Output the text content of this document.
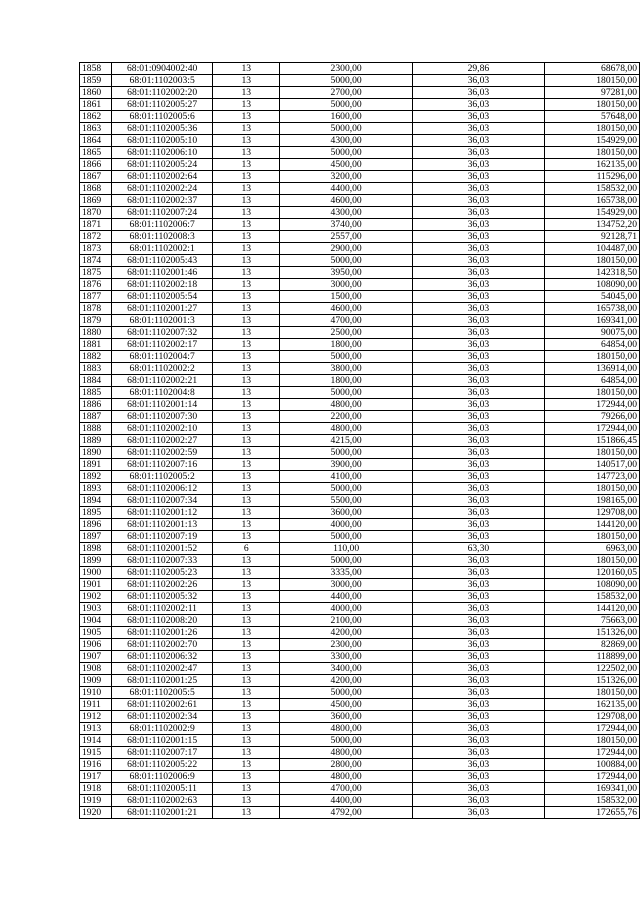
1858	68:01:0904002:40	13	2300,00	29,86	68678,00
1859	68:01:1102003:5	13	5000,00	36,03	180150,00
1860	68:01:1102002:20	13	2700,00	36,03	97281,00
1861	68:01:1102005:27	13	5000,00	36,03	180150,00
1862	68:01:1102005:6	13	1600,00	36,03	57648,00
1863	68:01:1102005:36	13	5000,00	36,03	180150,00
1864	68:01:1102005:10	13	4300,00	36,03	154929,00
1865	68:01:1102006:10	13	5000,00	36,03	180150,00
1866	68:01:1102005:24	13	4500,00	36,03	162135,00
1867	68:01:1102002:64	13	3200,00	36,03	115296,00
1868	68:01:1102002:24	13	4400,00	36,03	158532,00
1869	68:01:1102002:37	13	4600,00	36,03	165738,00
1870	68:01:1102007:24	13	4300,00	36,03	154929,00
1871	68:01:1102006:7	13	3740,00	36,03	134752,20
1872	68:01:1102008:3	13	2557,00	36,03	92128,71
1873	68:01:1102002:1	13	2900,00	36,03	104487,00
1874	68:01:1102005:43	13	5000,00	36,03	180150,00
1875	68:01:1102001:46	13	3950,00	36,03	142318,50
1876	68:01:1102002:18	13	3000,00	36,03	108090,00
1877	68:01:1102005:54	13	1500,00	36,03	54045,00
1878	68:01:1102001:27	13	4600,00	36,03	165738,00
1879	68:01:1102001:3	13	4700,00	36,03	169341,00
1880	68:01:1102007:32	13	2500,00	36,03	90075,00
1881	68:01:1102002:17	13	1800,00	36,03	64854,00
1882	68:01:1102004:7	13	5000,00	36,03	180150,00
1883	68:01:1102002:2	13	3800,00	36,03	136914,00
1884	68:01:1102002:21	13	1800,00	36,03	64854,00
1885	68:01:1102004:8	13	5000,00	36,03	180150,00
1886	68:01:1102001:14	13	4800,00	36,03	172944,00
1887	68:01:1102007:30	13	2200,00	36,03	79266,00
1888	68:01:1102002:10	13	4800,00	36,03	172944,00
1889	68:01:1102002:27	13	4215,00	36,03	151866,45
1890	68:01:1102002:59	13	5000,00	36,03	180150,00
1891	68:01:1102007:16	13	3900,00	36,03	140517,00
1892	68:01:1102005:2	13	4100,00	36,03	147723,00
1893	68:01:1102006:12	13	5000,00	36,03	180150,00
1894	68:01:1102007:34	13	5500,00	36,03	198165,00
1895	68:01:1102001:12	13	3600,00	36,03	129708,00
1896	68:01:1102001:13	13	4000,00	36,03	144120,00
1897	68:01:1102007:19	13	5000,00	36,03	180150,00
1898	68:01:1102001:52	6	110,00	63,30	6963,00
1899	68:01:1102007:33	13	5000,00	36,03	180150,00
1900	68:01:1102005:23	13	3335,00	36,03	120160,05
1901	68:01:1102002:26	13	3000,00	36,03	108090,00
1902	68:01:1102005:32	13	4400,00	36,03	158532,00
1903	68:01:1102002:11	13	4000,00	36,03	144120,00
1904	68:01:1102008:20	13	2100,00	36,03	75663,00
1905	68:01:1102001:26	13	4200,00	36,03	151326,00
1906	68:01:1102002:70	13	2300,00	36,03	82869,00
1907	68:01:1102006:32	13	3300,00	36,03	118899,00
1908	68:01:1102002:47	13	3400,00	36,03	122502,00
1909	68:01:1102001:25	13	4200,00	36,03	151326,00
1910	68:01:1102005:5	13	5000,00	36,03	180150,00
1911	68:01:1102002:61	13	4500,00	36,03	162135,00
1912	68:01:1102002:34	13	3600,00	36,03	129708,00
1913	68:01:1102002:9	13	4800,00	36,03	172944,00
1914	68:01:1102001:15	13	5000,00	36,03	180150,00
1915	68:01:1102007:17	13	4800,00	36,03	172944,00
1916	68:01:1102005:22	13	2800,00	36,03	100884,00
1917	68:01:1102006:9	13	4800,00	36,03	172944,00
1918	68:01:1102005:11	13	4700,00	36,03	169341,00
1919	68:01:1102002:63	13	4400,00	36,03	158532,00
1920	68:01:1102001:21	13	4792,00	36,03	172655,76
